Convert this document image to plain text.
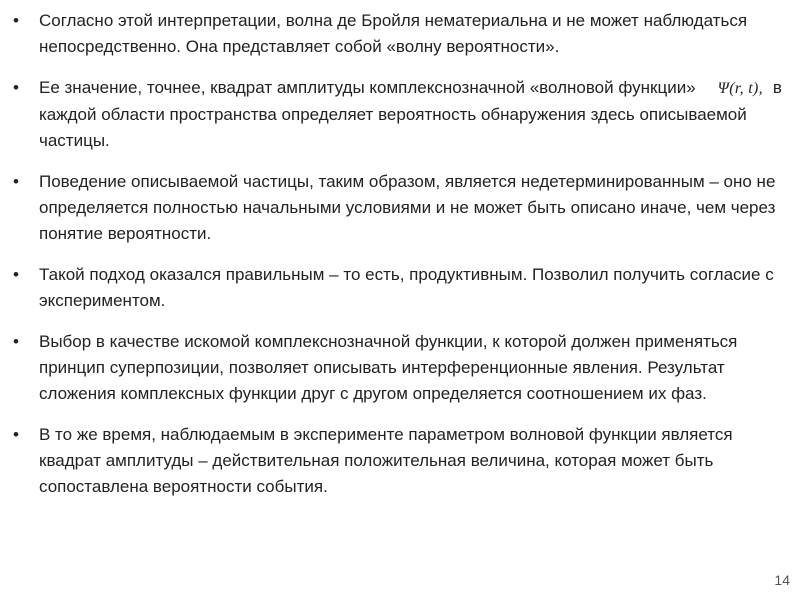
• Согласно этой интерпретации, волна де Бройля нематериальна и не может наблюдаться непосредственно. Она представляет собой «волну вероятности».

• Ее значение, точнее, квадрат амплитуды комплекснозначной «волновой функции» Ψ(r, t), в каждой области пространства определяет вероятность обнаружения здесь описываемой частицы.

• Поведение описываемой частицы, таким образом, является недетерминированным – оно не определяется полностью начальными условиями и не может быть описано иначе, чем через понятие вероятности.

• Такой подход оказался правильным – то есть, продуктивным. Позволил получить согласие с экспериментом.

• Выбор в качестве искомой комплекснозначной функции, к которой должен применяться принцип суперпозиции, позволяет описывать интерференционные явления. Результат сложения комплексных функции друг с другом определяется соотношением их фаз.

• В то же время, наблюдаемым в эксперименте параметром волновой функции является квадрат амплитуды – действительная положительная величина, которая может быть сопоставлена вероятности события.

14
